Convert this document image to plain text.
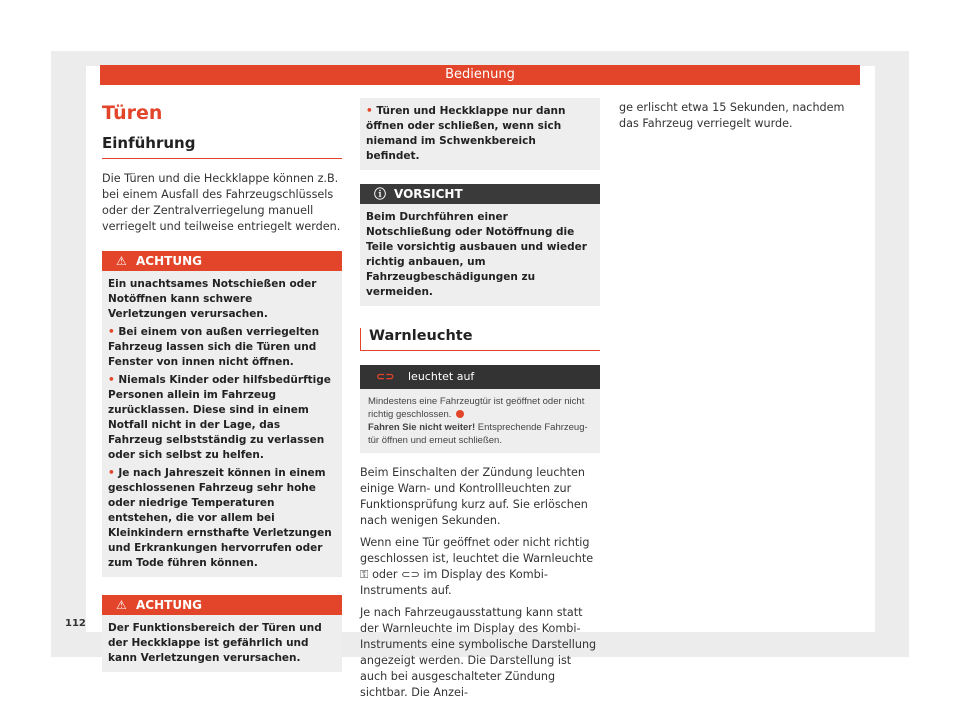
Bedienung
Türen
Einführung

Die Türen und die Heckklappe können z.B. bei einem Ausfall des Fahrzeugschlüssels oder der Zentralverriegelung manuell verriegelt und teilweise entriegelt werden.

⚠ ACHTUNG

Ein unachtsames Notschießen oder Notöffnen kann schwere Verletzungen verursachen.

• Bei einem von außen verriegelten Fahrzeug lassen sich die Türen und Fenster von innen nicht öffnen.

• Niemals Kinder oder hilfsbedürftige Personen allein im Fahrzeug zurücklassen. Diese sind in einem Notfall nicht in der Lage, das Fahrzeug selbstständig zu verlassen oder sich selbst zu helfen.

• Je nach Jahreszeit können in einem geschlossenen Fahrzeug sehr hohe oder niedrige Temperaturen entstehen, die vor allem bei Kleinkindern ernsthafte Verletzungen und Erkrankungen hervorrufen oder zum Tode führen können.

⚠ ACHTUNG

Der Funktionsbereich der Türen und der Heckklappe ist gefährlich und kann Verletzungen verursachen.

• Türen und Heckklappe nur dann öffnen oder schließen, wenn sich niemand im Schwenkbereich befindet.

ⓘ VORSICHT

Beim Durchführen einer Notschließung oder Notöffnung die Teile vorsichtig ausbauen und wieder richtig anbauen, um Fahrzeugbeschädigungen zu vermeiden.

Warnleuchte
⊂⊃ leuchtet auf

Mindestens eine Fahrzeugtür ist geöffnet oder nicht richtig geschlossen.
Fahren Sie nicht weiter! Entsprechende Fahrzeugtür öffnen und erneut schließen.

Beim Einschalten der Zündung leuchten einige Warn- und Kontrollleuchten zur Funktionsprüfung kurz auf. Sie erlöschen nach wenigen Sekunden.

Wenn eine Tür geöffnet oder nicht richtig geschlossen ist, leuchtet die Warnleuchte ⚿ oder ⊂⊃ im Display des Kombi-Instruments auf.

Je nach Fahrzeugausstattung kann statt der Warnleuchte im Display des Kombi-Instruments eine symbolische Darstellung angezeigt werden. Die Darstellung ist auch bei ausgeschalteter Zündung sichtbar. Die Anzei-

ge erlischt etwa 15 Sekunden, nachdem das Fahrzeug verriegelt wurde.

112
